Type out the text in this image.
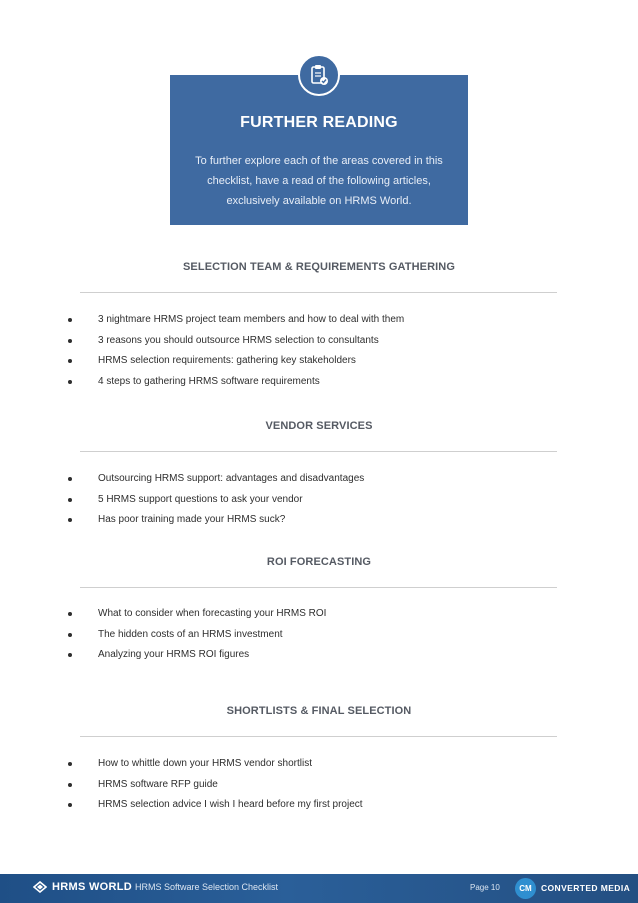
FURTHER READING
To further explore each of the areas covered in this checklist, have a read of the following articles, exclusively available on HRMS World.
SELECTION TEAM & REQUIREMENTS GATHERING
3 nightmare HRMS project team members and how to deal with them
3 reasons you should outsource HRMS selection to consultants
HRMS selection requirements: gathering key stakeholders
4 steps to gathering HRMS software requirements
VENDOR SERVICES
Outsourcing HRMS support: advantages and disadvantages
5 HRMS support questions to ask your vendor
Has poor training made your HRMS suck?
ROI FORECASTING
What to consider when forecasting your HRMS ROI
The hidden costs of an HRMS investment
Analyzing your HRMS ROI figures
SHORTLISTS & FINAL SELECTION
How to whittle down your HRMS vendor shortlist
HRMS software RFP guide
HRMS selection advice I wish I heard before my first project
HRMS WORLD HRMS Software Selection Checklist	Page 10 CM CONVERTED MEDIA
